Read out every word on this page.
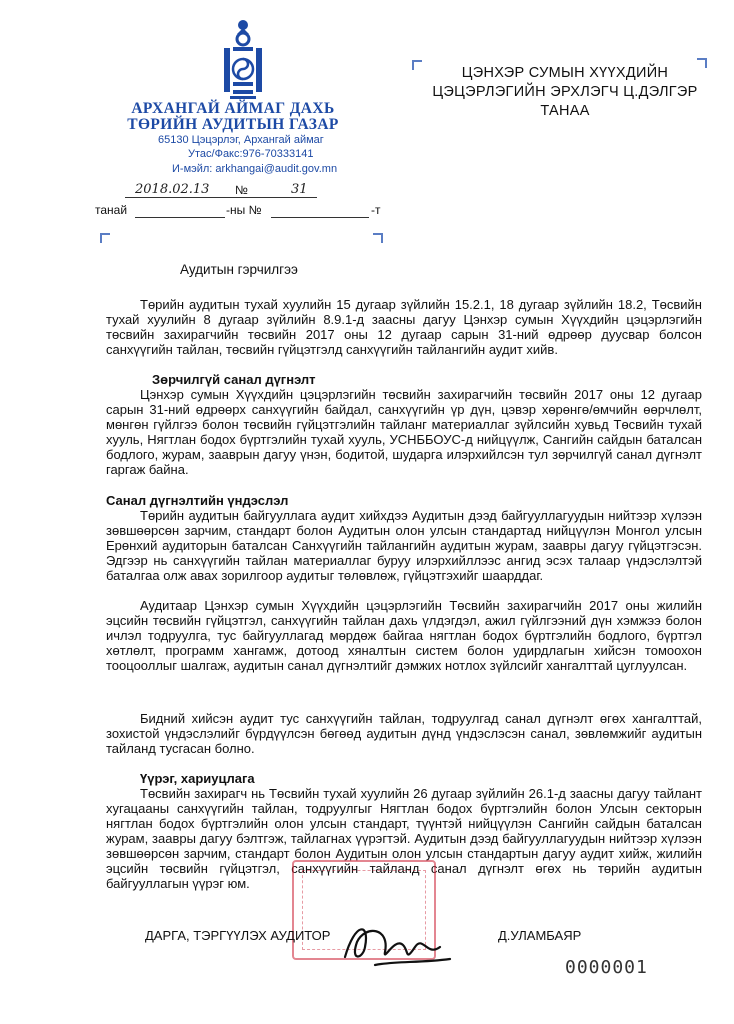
АРХАНГАЙ АЙМАГ ДАХЬ
ТӨРИЙН АУДИТЫН ГАЗАР
65130 Цэцэрлэг, Архангай аймаг
Утас/Факс:976-70333141
И-мэйл: arkhangai@audit.gov.mn
2018.02.13 №	31
танай	-ны №	-т
ЦЭНХЭР СУМЫН ХҮҮХДИЙН
ЦЭЦЭРЛЭГИЙН ЭРХЛЭГЧ Ц.ДЭЛГЭР
ТАНАА
Аудитын гэрчилгээ

Төрийн аудитын тухай хуулийн 15 дугаар зүйлийн 15.2.1, 18 дугаар зүйлийн 18.2, Төсвийн тухай хуулийн 8 дугаар зүйлийн 8.9.1-д заасны дагуу Цэнхэр сумын Хүүхдийн цэцэрлэгийн төсвийн захирагчийн төсвийн 2017 оны 12 дугаар сарын 31-ний өдрөөр дуусвар болсон санхүүгийн тайлан, төсвийн гүйцэтгэлд санхүүгийн тайлангийн аудит хийв.

Зөрчилгүй санал дүгнэлт

Цэнхэр сумын Хүүхдийн цэцэрлэгийн төсвийн захирагчийн төсвийн 2017 оны 12 дугаар сарын 31-ний өдрөөрх санхүүгийн байдал, санхүүгийн үр дүн, цэвэр хөрөнгө/өмчийн өөрчлөлт, мөнгөн гүйлгээ болон төсвийн гүйцэтгэлийн тайланг материаллаг зүйлсийн хувьд Төсвийн тухай хууль, Нягтлан бодох бүртгэлийн тухай хууль, УСНББОУС-д нийцүүлж, Сангийн сайдын баталсан бодлого, журам, зааврын дагуу үнэн, бодитой, шударга илэрхийлсэн тул зөрчилгүй санал дүгнэлт гаргаж байна.

Санал дүгнэлтийн үндэслэл

Төрийн аудитын байгууллага аудит хийхдээ Аудитын дээд байгууллагуудын нийтээр хүлээн зөвшөөрсөн зарчим, стандарт болон Аудитын олон улсын стандартад нийцүүлэн Монгол улсын Ерөнхий аудиторын баталсан Санхүүгийн тайлангийн аудитын журам, заавры дагуу гүйцэтгэсэн. Эдгээр нь санхүүгийн тайлан материаллаг буруу илэрхийллээс ангид эсэх талаар үндэслэлтэй баталгаа олж авах зорилгоор аудитыг төлөвлөж, гүйцэтгэхийг шаарддаг.

Аудитаар Цэнхэр сумын Хүүхдийн цэцэрлэгийн Төсвийн захирагчийн 2017 оны жилийн эцсийн төсвийн гүйцэтгэл, санхүүгийн тайлан дахь үлдэгдэл, ажил гүйлгээний дүн хэмжээ болон ичлэл тодруулга, тус байгууллагад мөрдөж байгаа нягтлан бодох бүртгэлийн бодлого, бүртгэл хөтлөлт, программ хангамж, дотоод хяналтын систем болон удирдлагын хийсэн томоохон тооцооллыг шалгаж, аудитын санал дүгнэлтийг дэмжих нотлох зүйлсийг хангалттай цуглуулсан.

Бидний хийсэн аудит тус санхүүгийн тайлан, тодруулгад санал дүгнэлт өгөх хангалттай, зохистой үндэслэлийг бүрдүүлсэн бөгөөд аудитын дүнд үндэслэсэн санал, зөвлөмжийг аудитын тайланд тусгасан болно.

Үүрэг, хариуцлага

Төсвийн захирагч нь Төсвийн тухай хуулийн 26 дугаар зүйлийн 26.1-д заасны дагуу тайлант хугацааны санхүүгийн тайлан, тодруулгыг Нягтлан бодох бүртгэлийн болон Улсын секторын нягтлан бодох бүртгэлийн олон улсын стандарт, түүнтэй нийцүүлэн Сангийн сайдын баталсан журам, заавры дагуу бэлтгэж, тайлагнах үүрэгтэй. Аудитын дээд байгууллагуудын нийтээр хүлээн зөвшөөрсөн зарчим, стандарт болон Аудитын олон улсын стандартын дагуу аудит хийж, жилийн эцсийн төсвийн гүйцэтгэл, санхүүгийн тайланд санал дүгнэлт өгөх нь төрийн аудитын байгууллагын үүрэг юм.

ДАРГА, ТЭРГҮҮЛЭХ АУДИТОР	Д.УЛАМБАЯР
0000001
